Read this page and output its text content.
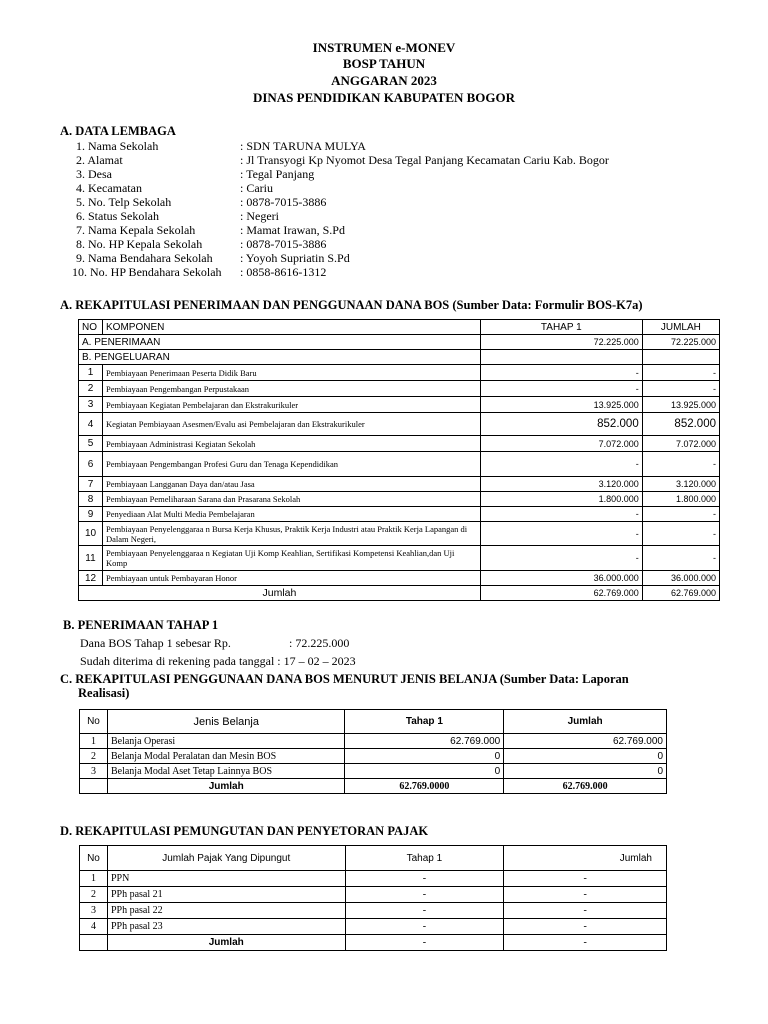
INSTRUMEN e-MONEV
BOSP TAHUN
ANGGARAN 2023
DINAS PENDIDIKAN KABUPATEN BOGOR
A. DATA LEMBAGA
1. Nama Sekolah	: SDN TARUNA MULYA
2. Alamat	: Jl Transyogi Kp Nyomot Desa Tegal Panjang Kecamatan Cariu Kab. Bogor
3. Desa	: Tegal Panjang
4. Kecamatan	: Cariu
5. No. Telp Sekolah	: 0878-7015-3886
6. Status Sekolah	: Negeri
7. Nama Kepala Sekolah	: Mamat Irawan, S.Pd
8. No. HP Kepala Sekolah	: 0878-7015-3886
9. Nama Bendahara Sekolah : Yoyoh Supriatin S.Pd
10. No. HP Bendahara Sekolah : 0858-8616-1312
A. REKAPITULASI PENERIMAAN DAN PENGGUNAAN DANA BOS (Sumber Data: Formulir BOS-K7a)
NO	KOMPONEN	TAHAP 1	JUMLAH
A. PENERIMAAN		72.225.000	72.225.000
B. PENGELUARAN			
1	Pembiayaan Penerimaan Peserta Didik Baru	-	-
2	Pembiayaan Pengembangan Perpustakaan	-	-
3	Pembiayaan Kegiatan Pembelajaran dan Ekstrakurikuler	13.925.000	13.925.000
4	Kegiatan Pembiayaan Asesmen/Evalu asi Pembelajaran dan Ekstrakurikuler	852.000	852.000
5	Pembiayaan Administrasi Kegiatan Sekolah	7.072.000	7.072.000
6	Pembiayaan Pengembangan Profesi Guru dan Tenaga Kependidikan	-	-
7	Pembiayaan Langganan Daya dan/atau Jasa	3.120.000	3.120.000
8	Pembiayaan Pemeliharaan Sarana dan Prasarana Sekolah	1.800.000	1.800.000
9	Penyediaan Alat Multi Media Pembelajaran	-	-
10	Pembiayaan Penyelenggaraa n Bursa Kerja Khusus, Praktik Kerja Industri atau Praktik Kerja Lapangan di Dalam Negeri,	-	-
11	Pembiayaan Penyelenggaraa n Kegiatan Uji Komp Keahlian, Sertifikasi Kompetensi Keahlian,dan Uji Komp	-	-
12	Pembiayaan untuk Pembayaran Honor	36.000.000	36.000.000
Jumlah		62.769.000	62.769.000
B. PENERIMAAN TAHAP 1
Dana BOS Tahap 1 sebesar Rp.	: 72.225.000
Sudah diterima di rekening pada tanggal : 17 – 02 – 2023
C. REKAPITULASI PENGGUNAAN DANA BOS MENURUT JENIS BELANJA (Sumber Data: Laporan
Realisasi)
No	Jenis Belanja	Tahap 1	Jumlah
1	Belanja Operasi	62.769.000	62.769.000
2	Belanja Modal Peralatan dan Mesin BOS	0	0
3	Belanja Modal Aset Tetap Lainnya BOS	0	0
	Jumlah	62.769.0000	62.769.000
D. REKAPITULASI PEMUNGUTAN DAN PENYETORAN PAJAK
No	Jumlah Pajak Yang Dipungut	Tahap 1	Jumlah
1	PPN	-	-
2	PPh pasal 21	-	-
3	PPh pasal 22	-	-
4	PPh pasal 23	-	-
	Jumlah	-	-
